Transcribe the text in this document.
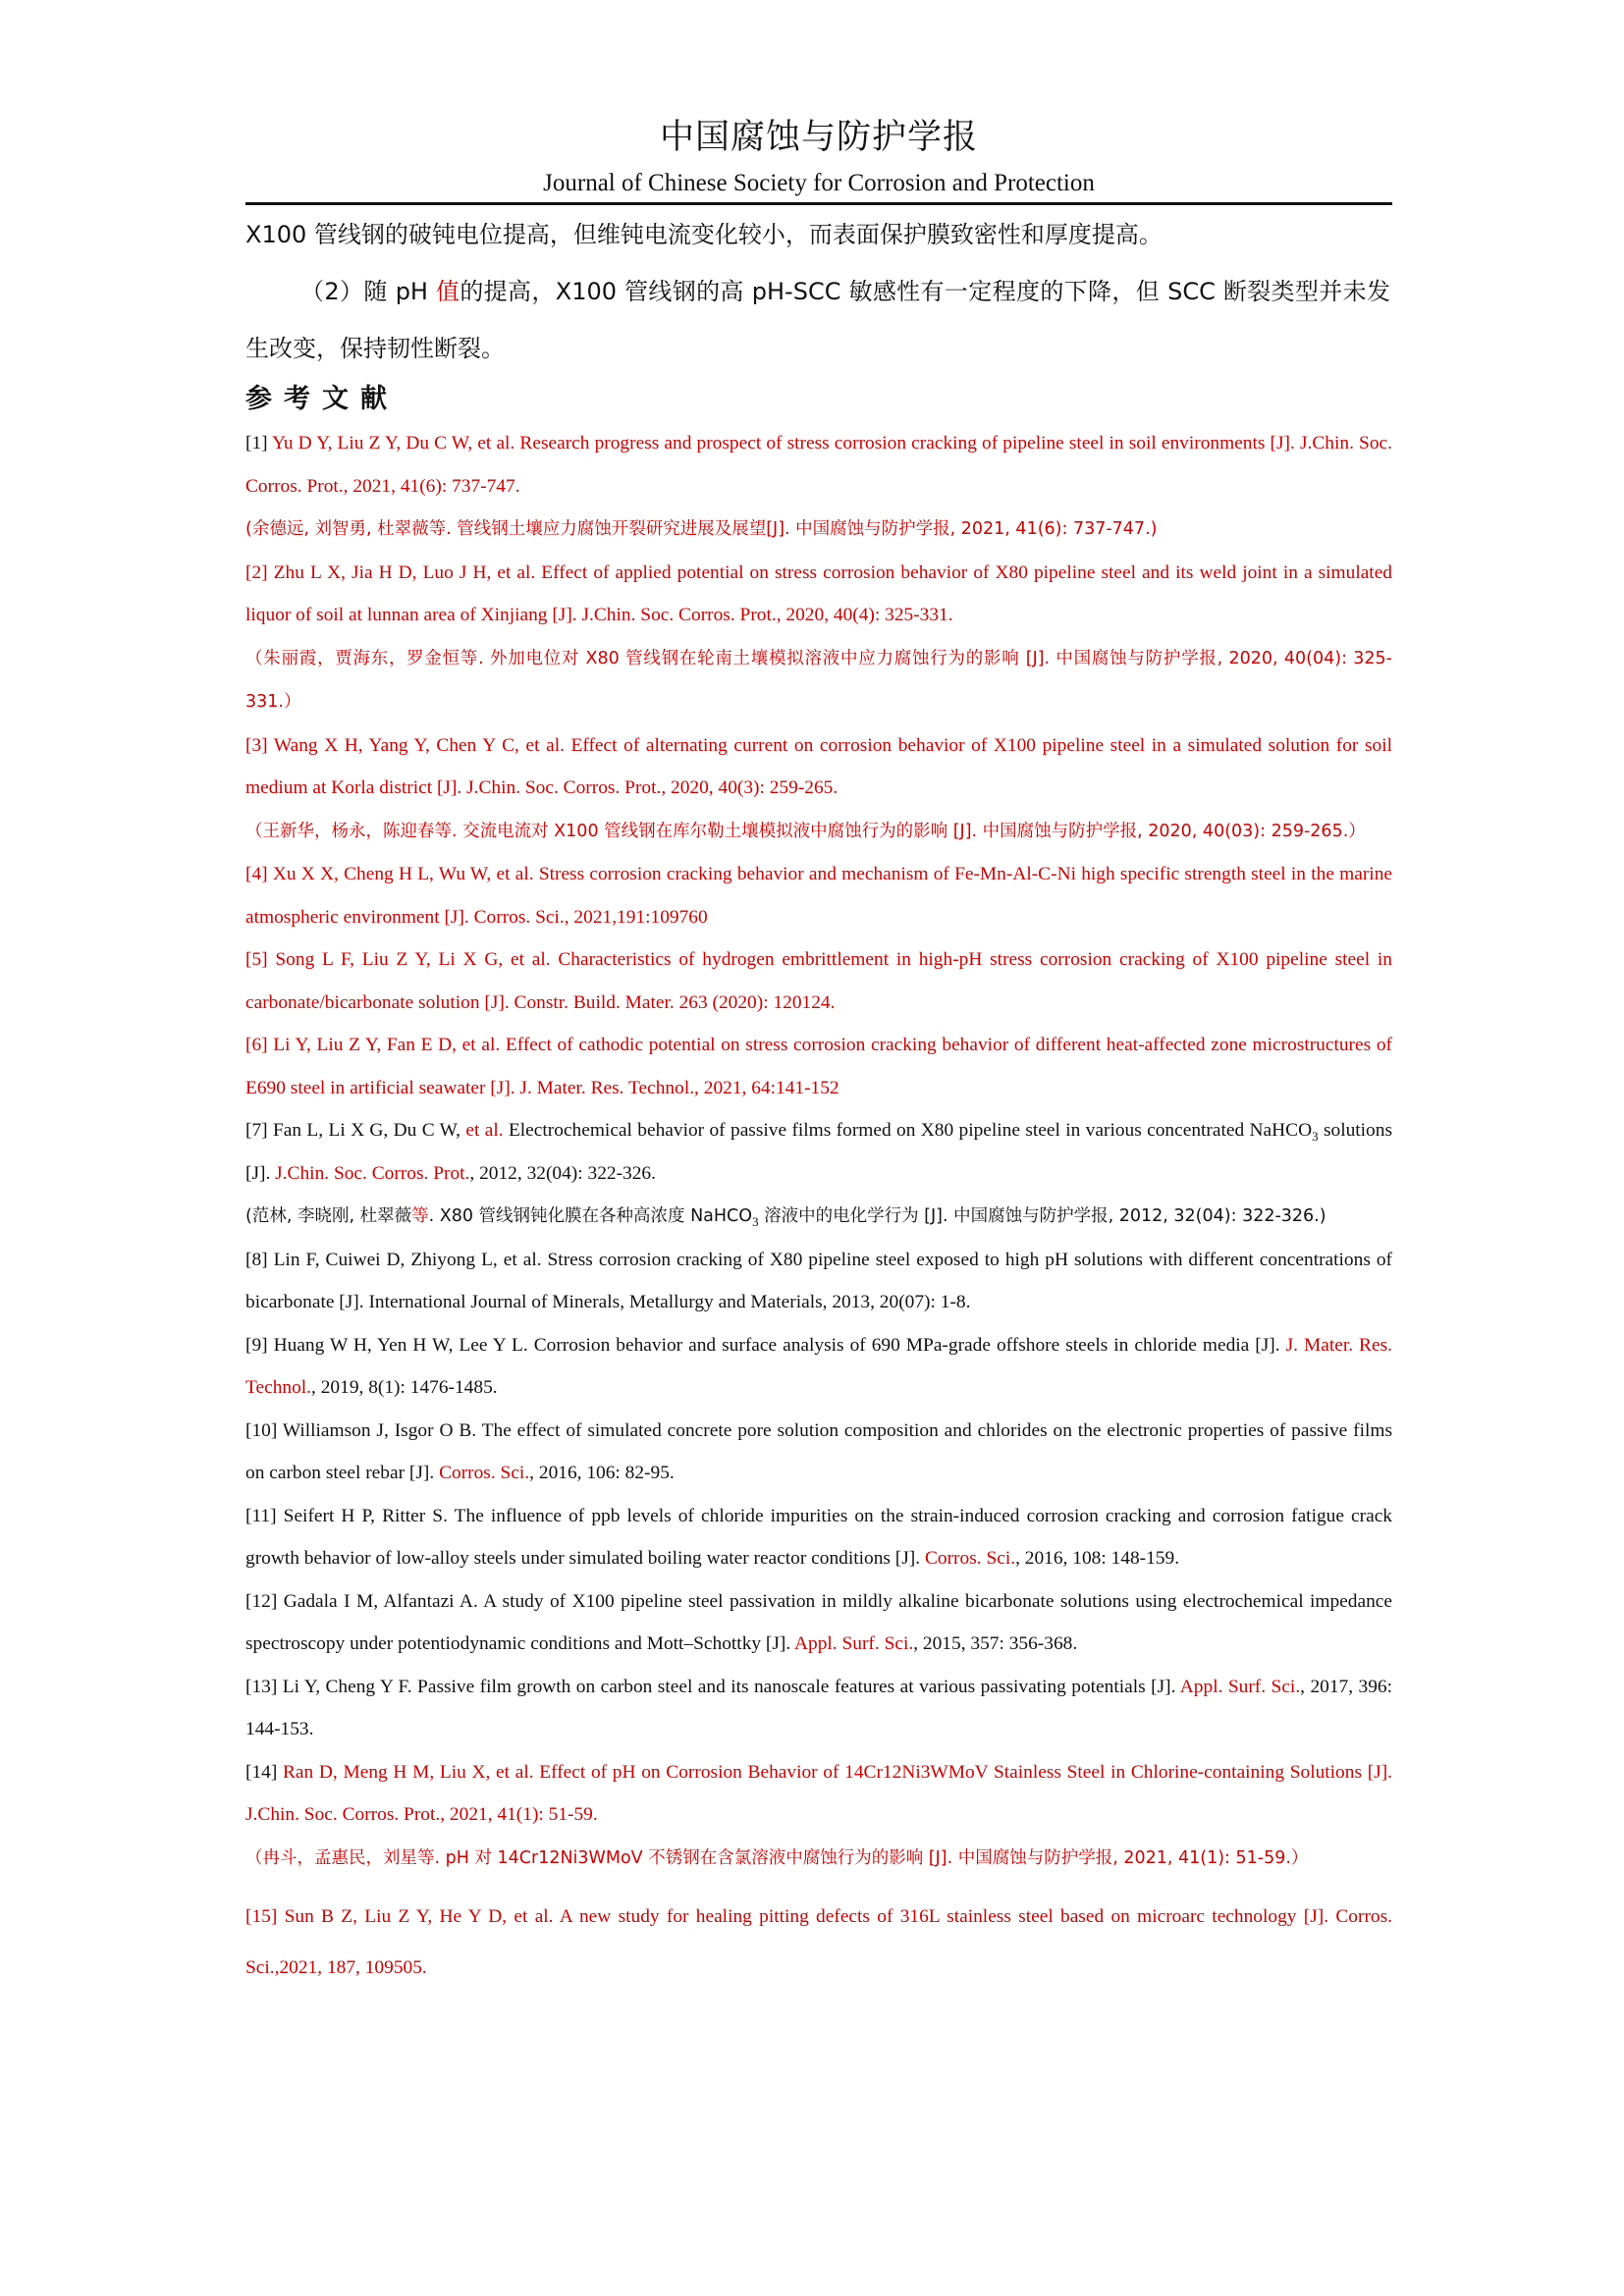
中国腐蚀与防护学报
Journal of Chinese Society for Corrosion and Protection
X100 管线钢的破钝电位提高，但维钝电流变化较小，而表面保护膜致密性和厚度提高。
（2）随 pH 值的提高，X100 管线钢的高 pH-SCC 敏感性有一定程度的下降，但 SCC 断裂类型并未发生改变，保持韧性断裂。
参考文献

[1] Yu D Y, Liu Z Y, Du C W, et al. Research progress and prospect of stress corrosion cracking of pipeline steel in soil environments [J]. J.Chin. Soc. Corros. Prot., 2021, 41(6): 737-747.

(余德远, 刘智勇, 杜翠薇等. 管线钢土壤应力腐蚀开裂研究进展及展望[J]. 中国腐蚀与防护学报, 2021, 41(6): 737-747.)

[2] Zhu L X, Jia H D, Luo J H, et al. Effect of applied potential on stress corrosion behavior of X80 pipeline steel and its weld joint in a simulated liquor of soil at lunnan area of Xinjiang [J]. J.Chin. Soc. Corros. Prot., 2020, 40(4): 325-331.

（朱丽霞，贾海东，罗金恒等. 外加电位对 X80 管线钢在轮南土壤模拟溶液中应力腐蚀行为的影响 [J]. 中国腐蚀与防护学报, 2020, 40(04): 325-331.）

[3] Wang X H, Yang Y, Chen Y C, et al. Effect of alternating current on corrosion behavior of X100 pipeline steel in a simulated solution for soil medium at Korla district [J]. J.Chin. Soc. Corros. Prot., 2020, 40(3): 259-265.

（王新华，杨永，陈迎春等. 交流电流对 X100 管线钢在库尔勒土壤模拟液中腐蚀行为的影响 [J]. 中国腐蚀与防护学报, 2020, 40(03): 259-265.）

[4] Xu X X, Cheng H L, Wu W, et al. Stress corrosion cracking behavior and mechanism of Fe-Mn-Al-C-Ni high specific strength steel in the marine atmospheric environment [J]. Corros. Sci., 2021,191:109760

[5] Song L F, Liu Z Y, Li X G, et al. Characteristics of hydrogen embrittlement in high-pH stress corrosion cracking of X100 pipeline steel in carbonate/bicarbonate solution [J]. Constr. Build. Mater. 263 (2020): 120124.

[6] Li Y, Liu Z Y, Fan E D, et al. Effect of cathodic potential on stress corrosion cracking behavior of different heat-affected zone microstructures of E690 steel in artificial seawater [J]. J. Mater. Res. Technol., 2021, 64:141-152

[7] Fan L, Li X G, Du C W, et al. Electrochemical behavior of passive films formed on X80 pipeline steel in various concentrated NaHCO$_3$ solutions [J]. J.Chin. Soc. Corros. Prot., 2012, 32(04): 322-326.

(范林, 李晓刚, 杜翠薇等. X80 管线钢钝化膜在各种高浓度 NaHCO$_3$ 溶液中的电化学行为 [J]. 中国腐蚀与防护学报, 2012, 32(04): 322-326.)

[8] Lin F, Cuiwei D, Zhiyong L, et al. Stress corrosion cracking of X80 pipeline steel exposed to high pH solutions with different concentrations of bicarbonate [J]. International Journal of Minerals, Metallurgy and Materials, 2013, 20(07): 1-8.

[9] Huang W H, Yen H W, Lee Y L. Corrosion behavior and surface analysis of 690 MPa-grade offshore steels in chloride media [J]. J. Mater. Res. Technol., 2019, 8(1): 1476-1485.

[10] Williamson J, Isgor O B. The effect of simulated concrete pore solution composition and chlorides on the electronic properties of passive films on carbon steel rebar [J]. Corros. Sci., 2016, 106: 82-95.

[11] Seifert H P, Ritter S. The influence of ppb levels of chloride impurities on the strain-induced corrosion cracking and corrosion fatigue crack growth behavior of low-alloy steels under simulated boiling water reactor conditions [J]. Corros. Sci., 2016, 108: 148-159.

[12] Gadala I M, Alfantazi A. A study of X100 pipeline steel passivation in mildly alkaline bicarbonate solutions using electrochemical impedance spectroscopy under potentiodynamic conditions and Mott–Schottky [J]. Appl. Surf. Sci., 2015, 357: 356-368.

[13] Li Y, Cheng Y F. Passive film growth on carbon steel and its nanoscale features at various passivating potentials [J]. Appl. Surf. Sci., 2017, 396: 144-153.

[14] Ran D, Meng H M, Liu X, et al. Effect of pH on Corrosion Behavior of 14Cr12Ni3WMoV Stainless Steel in Chlorine-containing Solutions [J]. J.Chin. Soc. Corros. Prot., 2021, 41(1): 51-59.

（冉斗，孟惠民，刘星等. pH 对 14Cr12Ni3WMoV 不锈钢在含氯溶液中腐蚀行为的影响 [J]. 中国腐蚀与防护学报, 2021, 41(1): 51-59.）

[15] Sun B Z, Liu Z Y, He Y D, et al. A new study for healing pitting defects of 316L stainless steel based on microarc technology [J]. Corros. Sci.,2021, 187, 109505.
